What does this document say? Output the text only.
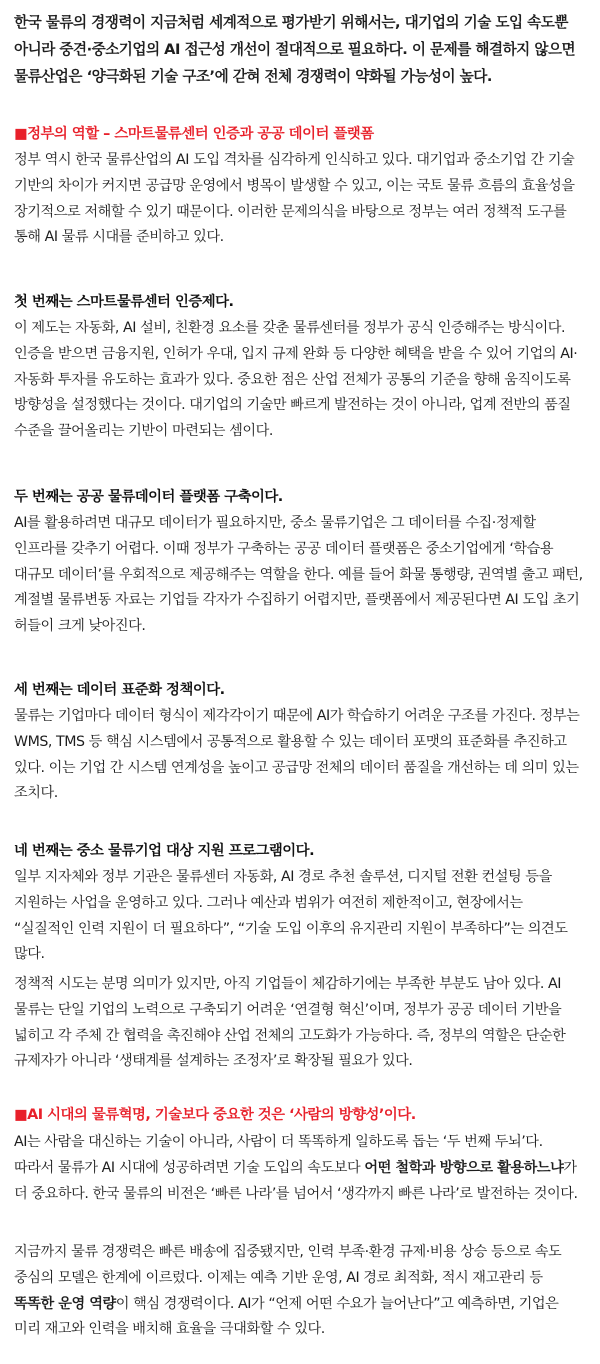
한국 물류의 경쟁력이 지금처럼 세계적으로 평가받기 위해서는, 대기업의 기술 도입 속도뿐 아니라 중견·중소기업의 AI 접근성 개선이 절대적으로 필요하다. 이 문제를 해결하지 않으면 물류산업은 ‘양극화된 기술 구조’에 갇혀 전체 경쟁력이 약화될 가능성이 높다.

■정부의 역할 – 스마트물류센터 인증과 공공 데이터 플랫폼

정부 역시 한국 물류산업의 AI 도입 격차를 심각하게 인식하고 있다. 대기업과 중소기업 간 기술 기반의 차이가 커지면 공급망 운영에서 병목이 발생할 수 있고, 이는 국토 물류 흐름의 효율성을 장기적으로 저해할 수 있기 때문이다. 이러한 문제의식을 바탕으로 정부는 여러 정책적 도구를 통해 AI 물류 시대를 준비하고 있다.

첫 번째는 스마트물류센터 인증제다.

이 제도는 자동화, AI 설비, 친환경 요소를 갖춘 물류센터를 정부가 공식 인증해주는 방식이다. 인증을 받으면 금융지원, 인허가 우대, 입지 규제 완화 등 다양한 혜택을 받을 수 있어 기업의 AI·자동화 투자를 유도하는 효과가 있다. 중요한 점은 산업 전체가 공통의 기준을 향해 움직이도록 방향성을 설정했다는 것이다. 대기업의 기술만 빠르게 발전하는 것이 아니라, 업계 전반의 품질 수준을 끌어올리는 기반이 마련되는 셈이다.

두 번째는 공공 물류데이터 플랫폼 구축이다.

AI를 활용하려면 대규모 데이터가 필요하지만, 중소 물류기업은 그 데이터를 수집·정제할 인프라를 갖추기 어렵다. 이때 정부가 구축하는 공공 데이터 플랫폼은 중소기업에게 ‘학습용 대규모 데이터’를 우회적으로 제공해주는 역할을 한다. 예를 들어 화물 통행량, 권역별 출고 패턴, 계절별 물류변동 자료는 기업들 각자가 수집하기 어렵지만, 플랫폼에서 제공된다면 AI 도입 초기 허들이 크게 낮아진다.

세 번째는 데이터 표준화 정책이다.

물류는 기업마다 데이터 형식이 제각각이기 때문에 AI가 학습하기 어려운 구조를 가진다. 정부는 WMS, TMS 등 핵심 시스템에서 공통적으로 활용할 수 있는 데이터 포맷의 표준화를 추진하고 있다. 이는 기업 간 시스템 연계성을 높이고 공급망 전체의 데이터 품질을 개선하는 데 의미 있는 조치다.

네 번째는 중소 물류기업 대상 지원 프로그램이다.

일부 지자체와 정부 기관은 물류센터 자동화, AI 경로 추천 솔루션, 디지털 전환 컨설팅 등을 지원하는 사업을 운영하고 있다. 그러나 예산과 범위가 여전히 제한적이고, 현장에서는 “실질적인 인력 지원이 더 필요하다”, “기술 도입 이후의 유지관리 지원이 부족하다”는 의견도 많다.

정책적 시도는 분명 의미가 있지만, 아직 기업들이 체감하기에는 부족한 부분도 남아 있다. AI 물류는 단일 기업의 노력으로 구축되기 어려운 ‘연결형 혁신’이며, 정부가 공공 데이터 기반을 넓히고 각 주체 간 협력을 촉진해야 산업 전체의 고도화가 가능하다. 즉, 정부의 역할은 단순한 규제자가 아니라 ‘생태계를 설계하는 조정자’로 확장될 필요가 있다.

■AI 시대의 물류혁명, 기술보다 중요한 것은 ‘사람의 방향성’이다.

AI는 사람을 대신하는 기술이 아니라, 사람이 더 똑똑하게 일하도록 돕는 ‘두 번째 두뇌’다. 따라서 물류가 AI 시대에 성공하려면 기술 도입의 속도보다 어떤 철학과 방향으로 활용하느냐가 더 중요하다. 한국 물류의 비전은 ‘빠른 나라’를 넘어서 ‘생각까지 빠른 나라’로 발전하는 것이다.

지금까지 물류 경쟁력은 빠른 배송에 집중됐지만, 인력 부족·환경 규제·비용 상승 등으로 속도 중심의 모델은 한계에 이르렀다. 이제는 예측 기반 운영, AI 경로 최적화, 적시 재고관리 등 똑똑한 운영 역량이 핵심 경쟁력이다. AI가 “언제 어떤 수요가 늘어난다”고 예측하면, 기업은 미리 재고와 인력을 배치해 효율을 극대화할 수 있다.
